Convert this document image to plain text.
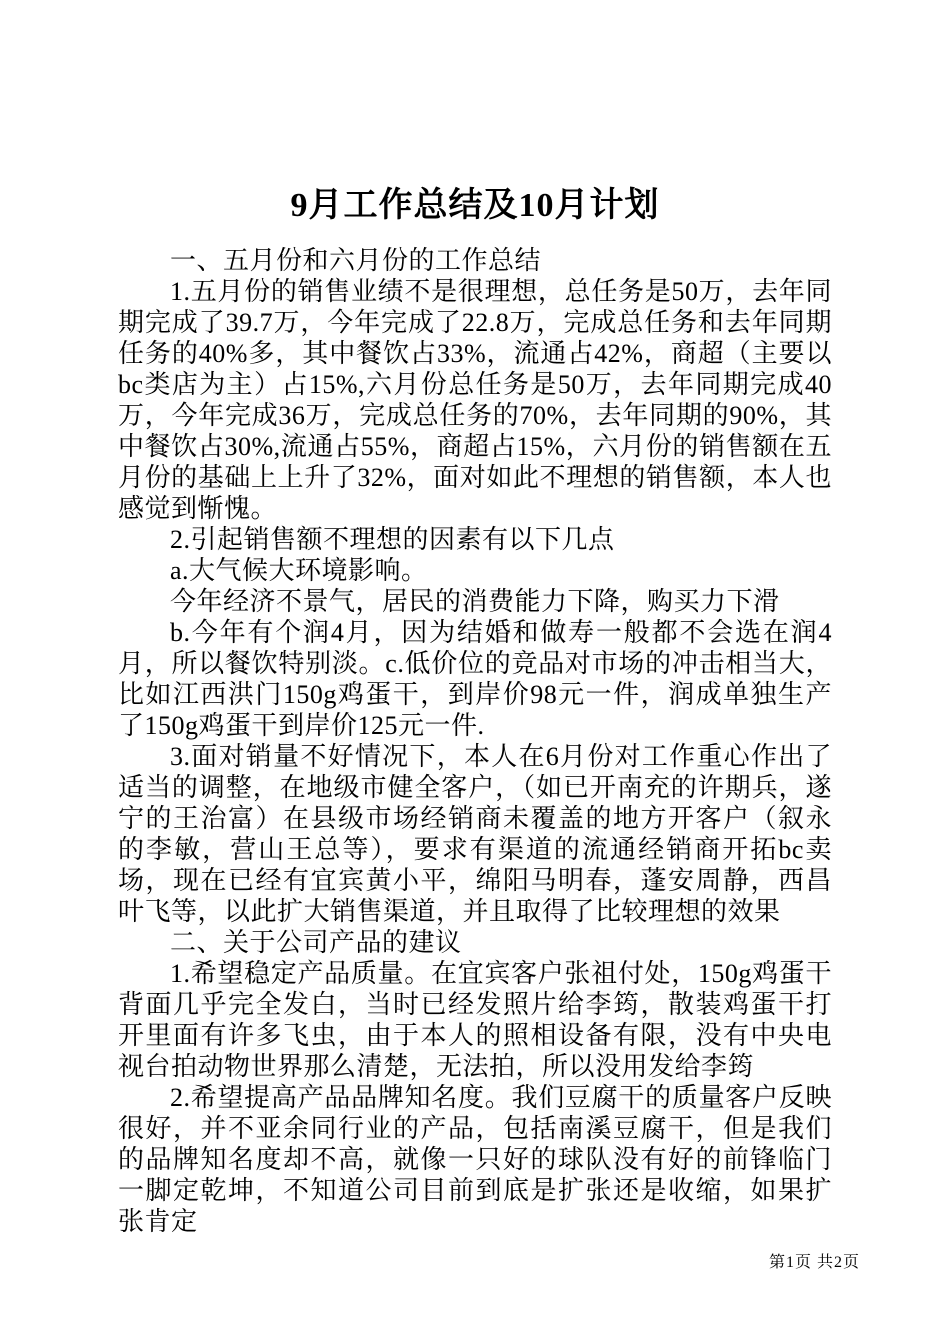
9月工作总结及10月计划

一、五月份和六月份的工作总结

1.五月份的销售业绩不是很理想，总任务是50万，去年同期完成了39.7万，今年完成了22.8万，完成总任务和去年同期任务的40%多，其中餐饮占33%，流通占42%，商超（主要以bc类店为主）占15%,六月份总任务是50万，去年同期完成40万，今年完成36万，完成总任务的70%，去年同期的90%，其中餐饮占30%,流通占55%，商超占15%，六月份的销售额在五月份的基础上上升了32%，面对如此不理想的销售额，本人也感觉到惭愧。

2.引起销售额不理想的因素有以下几点

a.大气候大环境影响。

今年经济不景气，居民的消费能力下降，购买力下滑

b.今年有个润4月，因为结婚和做寿一般都不会选在润4月，所以餐饮特别淡。c.低价位的竞品对市场的冲击相当大，比如江西洪门150g鸡蛋干，到岸价98元一件，润成单独生产了150g鸡蛋干到岸价125元一件.

3.面对销量不好情况下，本人在6月份对工作重心作出了适当的调整，在地级市健全客户，（如已开南充的许期兵，遂宁的王治富）在县级市场经销商未覆盖的地方开客户（叙永的李敏，营山王总等），要求有渠道的流通经销商开拓bc卖场，现在已经有宜宾黄小平，绵阳马明春，蓬安周静，西昌叶飞等，以此扩大销售渠道，并且取得了比较理想的效果

二、关于公司产品的建议

1.希望稳定产品质量。在宜宾客户张祖付处，150g鸡蛋干背面几乎完全发白，当时已经发照片给李筠，散装鸡蛋干打开里面有许多飞虫，由于本人的照相设备有限，没有中央电视台拍动物世界那么清楚，无法拍，所以没用发给李筠

2.希望提高产品品牌知名度。我们豆腐干的质量客户反映很好，并不亚余同行业的产品，包括南溪豆腐干，但是我们的品牌知名度却不高，就像一只好的球队没有好的前锋临门一脚定乾坤，不知道公司目前到底是扩张还是收缩，如果扩张肯定

第1页 共2页
